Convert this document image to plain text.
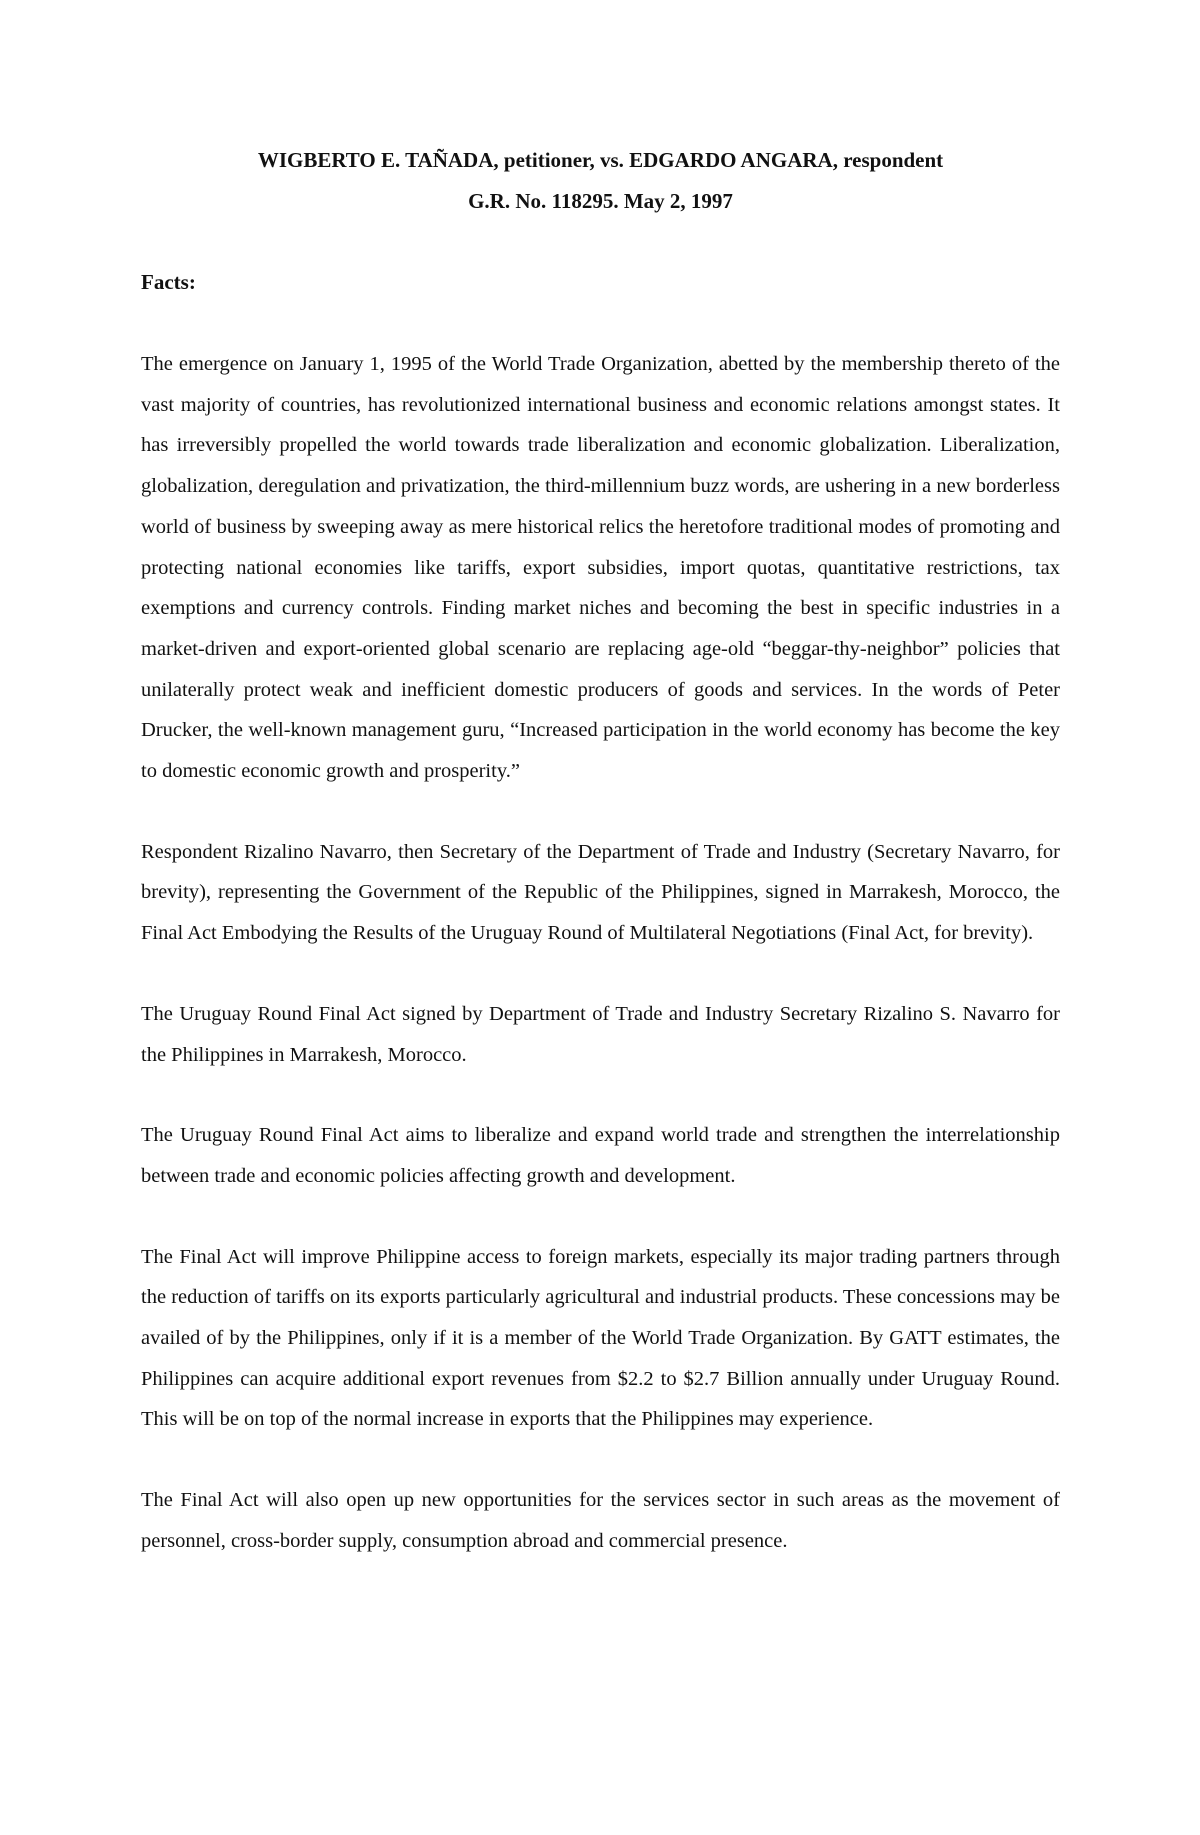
WIGBERTO E. TAÑADA, petitioner, vs. EDGARDO ANGARA, respondent

G.R. No. 118295. May 2, 1997

Facts:

The emergence on January 1, 1995 of the World Trade Organization, abetted by the membership thereto of the vast majority of countries, has revolutionized international business and economic relations amongst states. It has irreversibly propelled the world towards trade liberalization and economic globalization. Liberalization, globalization, deregulation and privatization, the third-millennium buzz words, are ushering in a new borderless world of business by sweeping away as mere historical relics the heretofore traditional modes of promoting and protecting national economies like tariffs, export subsidies, import quotas, quantitative restrictions, tax exemptions and currency controls. Finding market niches and becoming the best in specific industries in a market-driven and export-oriented global scenario are replacing age-old “beggar-thy-neighbor” policies that unilaterally protect weak and inefficient domestic producers of goods and services. In the words of Peter Drucker, the well-known management guru, “Increased participation in the world economy has become the key to domestic economic growth and prosperity.”

Respondent Rizalino Navarro, then Secretary of the Department of Trade and Industry (Secretary Navarro, for brevity), representing the Government of the Republic of the Philippines, signed in Marrakesh, Morocco, the Final Act Embodying the Results of the Uruguay Round of Multilateral Negotiations (Final Act, for brevity).

The Uruguay Round Final Act signed by Department of Trade and Industry Secretary Rizalino S. Navarro for the Philippines in Marrakesh, Morocco.

The Uruguay Round Final Act aims to liberalize and expand world trade and strengthen the interrelationship between trade and economic policies affecting growth and development.

The Final Act will improve Philippine access to foreign markets, especially its major trading partners through the reduction of tariffs on its exports particularly agricultural and industrial products. These concessions may be availed of by the Philippines, only if it is a member of the World Trade Organization. By GATT estimates, the Philippines can acquire additional export revenues from $2.2 to $2.7 Billion annually under Uruguay Round. This will be on top of the normal increase in exports that the Philippines may experience.

The Final Act will also open up new opportunities for the services sector in such areas as the movement of personnel, cross-border supply, consumption abroad and commercial presence.
